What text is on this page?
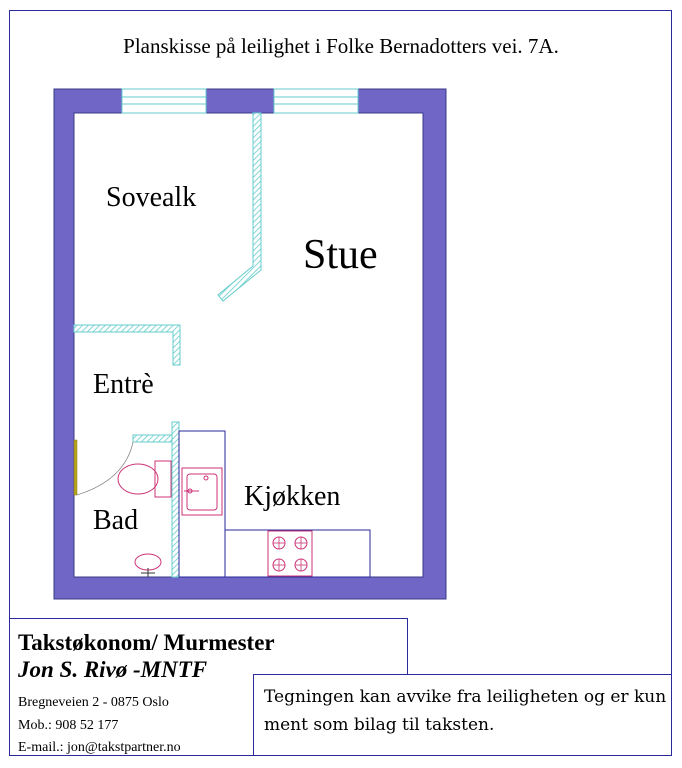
Planskisse på leilighet i Folke Bernadotters vei. 7A.
Sovealk
Stue
Entrè
Bad
Kjøkken
Takstøkonom/ Murmester
Jon S. Rivø -MNTF
Bregneveien 2 - 0875 Oslo
Mob.: 908 52 177
E-mail.: jon@takstpartner.no
Tegningen kan avvike fra leiligheten og er kun ment som bilag til taksten.
